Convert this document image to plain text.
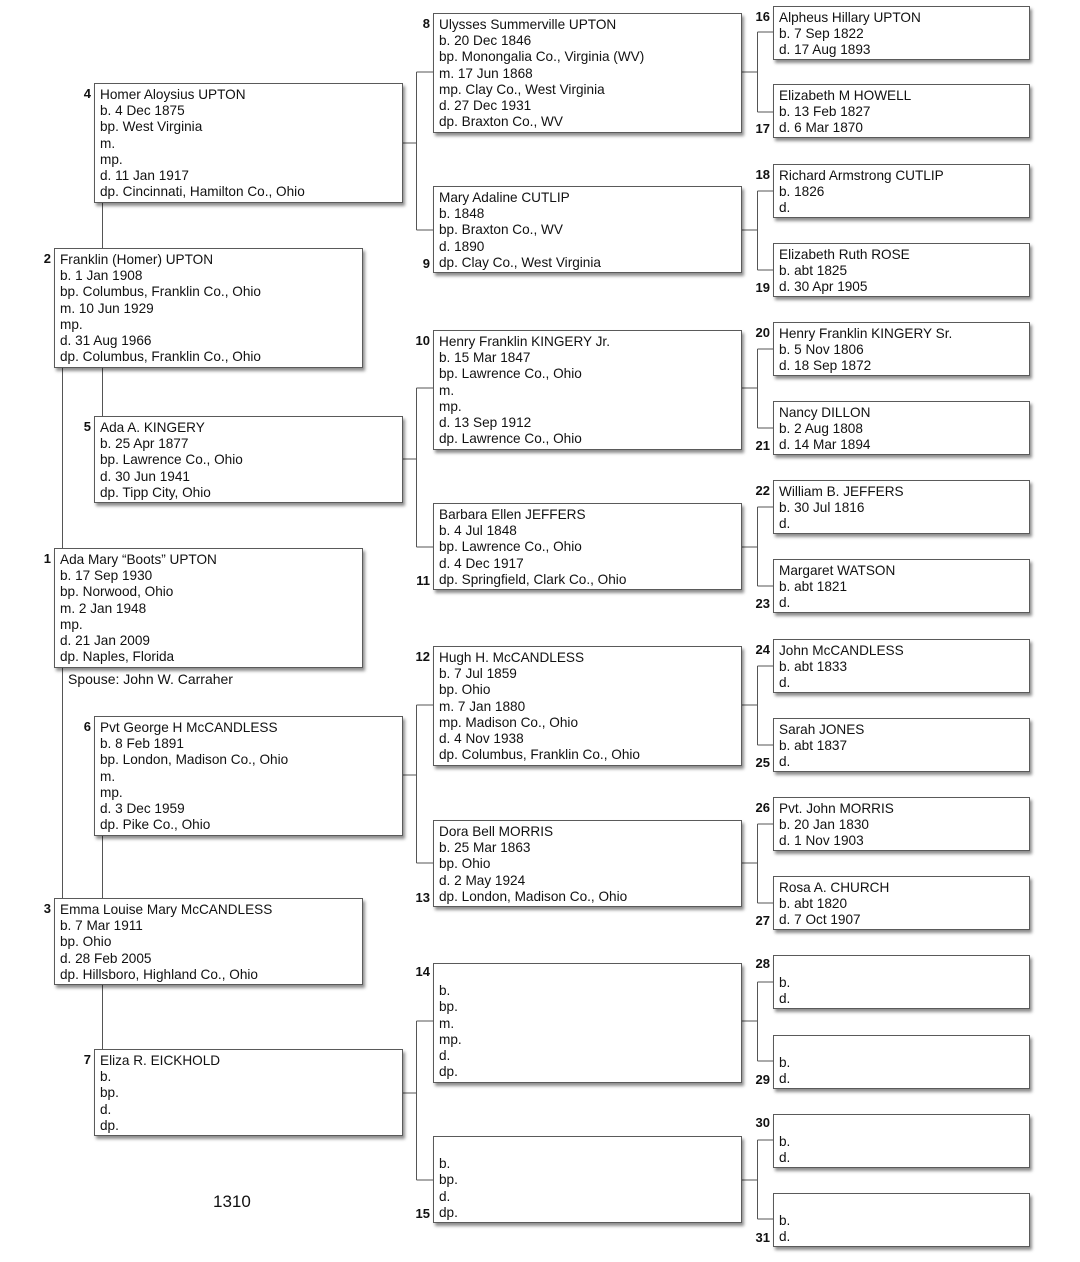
Ada Mary “Boots” UPTON
b. 17 Sep 1930
bp. Norwood, Ohio
m. 2 Jan 1948
mp.
d. 21 Jan 2009
dp. Naples, Florida
1
Franklin (Homer) UPTON
b. 1 Jan 1908
bp. Columbus, Franklin Co., Ohio
m. 10 Jun 1929
mp.
d. 31 Aug 1966
dp. Columbus, Franklin Co., Ohio
2
Emma Louise Mary McCANDLESS
b. 7 Mar 1911
bp. Ohio
d. 28 Feb 2005
dp. Hillsboro, Highland Co., Ohio
3
Homer Aloysius UPTON
b. 4 Dec 1875
bp. West Virginia
m.
mp.
d. 11 Jan 1917
dp. Cincinnati, Hamilton Co., Ohio
4
Ada A. KINGERY
b. 25 Apr 1877
bp. Lawrence Co., Ohio
d. 30 Jun 1941
dp. Tipp City, Ohio
5
Pvt George H McCANDLESS
b. 8 Feb 1891
bp. London, Madison Co., Ohio
m.
mp.
d. 3 Dec 1959
dp. Pike Co., Ohio
6
Eliza R. EICKHOLD
b.
bp.
d.
dp.
7
Ulysses Summerville UPTON
b. 20 Dec 1846
bp. Monongalia Co., Virginia (WV)
m. 17 Jun 1868
mp. Clay Co., West Virginia
d. 27 Dec 1931
dp. Braxton Co., WV
8
Mary Adaline CUTLIP
b. 1848
bp. Braxton Co., WV
d. 1890
dp. Clay Co., West Virginia
9
Henry Franklin KINGERY Jr.
b. 15 Mar 1847
bp. Lawrence Co., Ohio
m.
mp.
d. 13 Sep 1912
dp. Lawrence Co., Ohio
10
Barbara Ellen JEFFERS
b. 4 Jul 1848
bp. Lawrence Co., Ohio
d. 4 Dec 1917
dp. Springfield, Clark Co., Ohio
11
Hugh H. McCANDLESS
b. 7 Jul 1859
bp. Ohio
m. 7 Jan 1880
mp. Madison Co., Ohio
d. 4 Nov 1938
dp. Columbus, Franklin Co., Ohio
12
Dora Bell MORRIS
b. 25 Mar 1863
bp. Ohio
d. 2 May 1924
dp. London, Madison Co., Ohio
13
b.
bp.
m.
mp.
d.
dp.
14
b.
bp.
d.
dp.
15
Alpheus Hillary UPTON
b. 7 Sep 1822
d. 17 Aug 1893
16
Elizabeth M HOWELL
b. 13 Feb 1827
d. 6 Mar 1870
17
Richard Armstrong CUTLIP
b. 1826
d.
18
Elizabeth Ruth ROSE
b. abt 1825
d. 30 Apr 1905
19
Henry Franklin KINGERY Sr.
b. 5 Nov 1806
d. 18 Sep 1872
20
Nancy DILLON
b. 2 Aug 1808
d. 14 Mar 1894
21
William B. JEFFERS
b. 30 Jul 1816
d.
22
Margaret WATSON
b. abt 1821
d.
23
John McCANDLESS
b. abt 1833
d.
24
Sarah JONES
b. abt 1837
d.
25
Pvt. John MORRIS
b. 20 Jan 1830
d. 1 Nov 1903
26
Rosa A. CHURCH
b. abt 1820
d. 7 Oct 1907
27
b.
d.
28
b.
d.
29
b.
d.
30
b.
d.
31
Spouse: John W. Carraher
1310
